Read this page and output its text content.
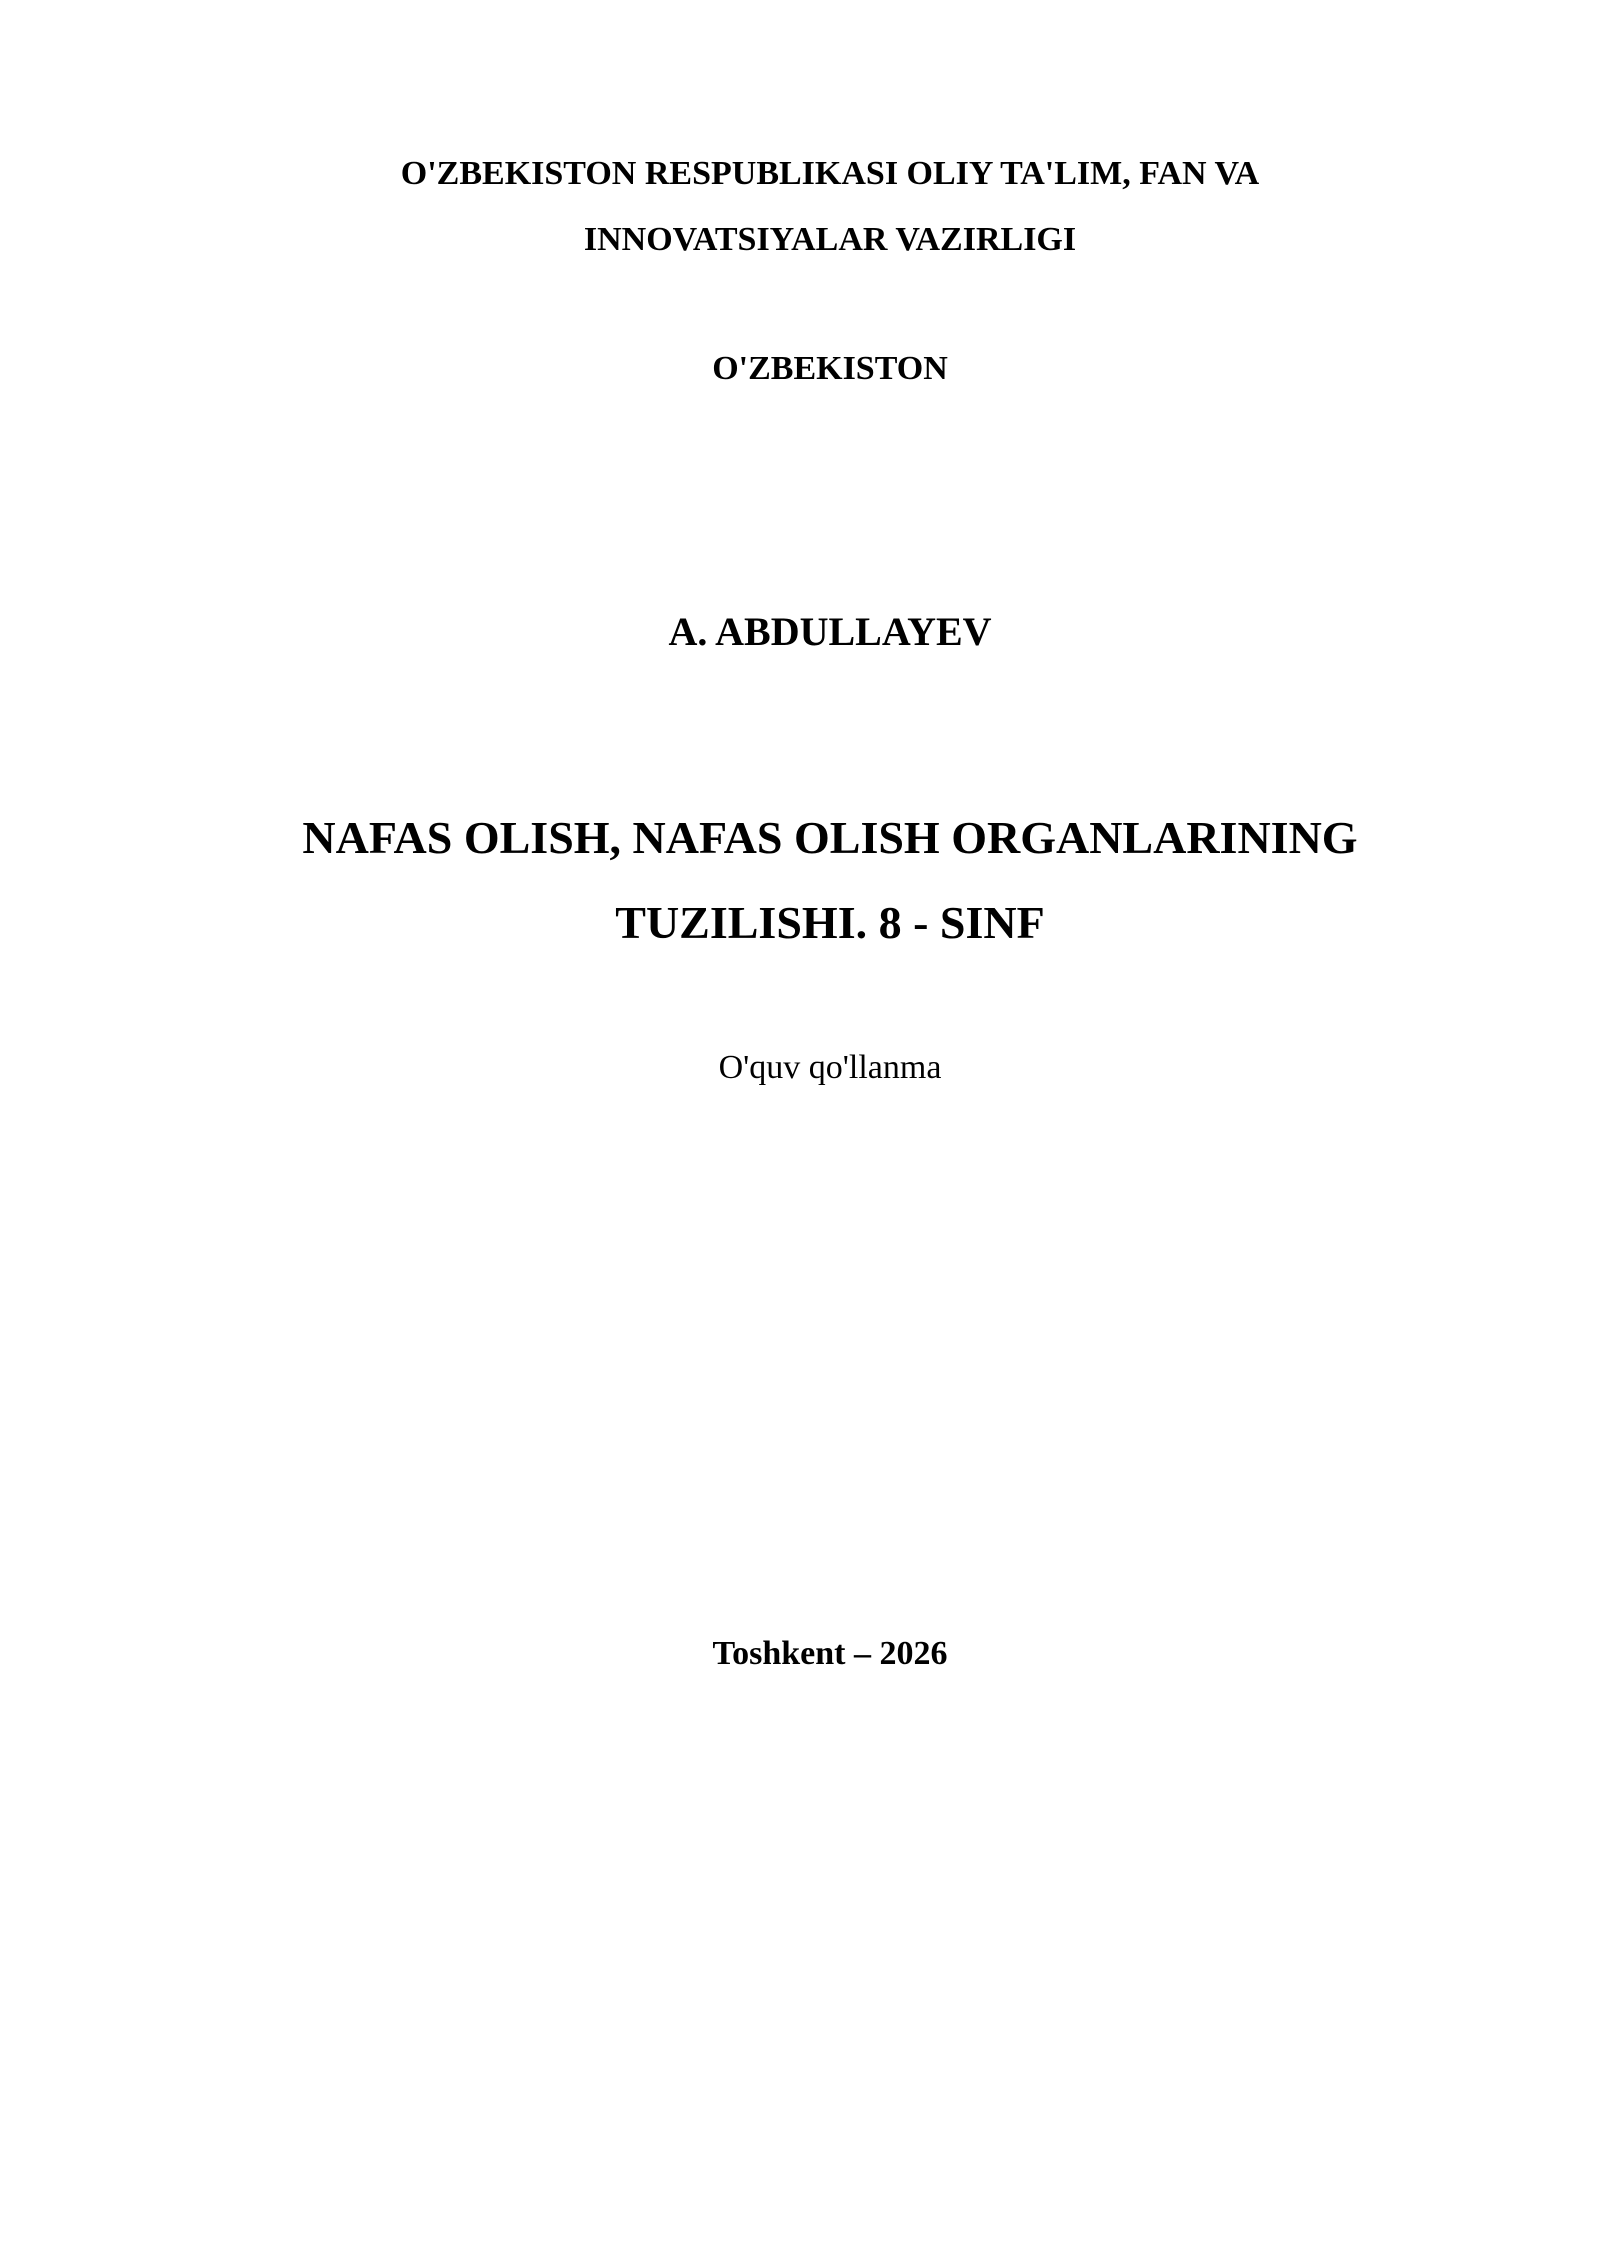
O'ZBEKISTON RESPUBLIKASI OLIY TA'LIM, FAN VA
INNOVATSIYALAR VAZIRLIGI
O'ZBEKISTON
A. ABDULLAYEV
NAFAS OLISH, NAFAS OLISH ORGANLARINING
TUZILISHI. 8 - SINF
O'quv qo'llanma
Toshkent – 2026
